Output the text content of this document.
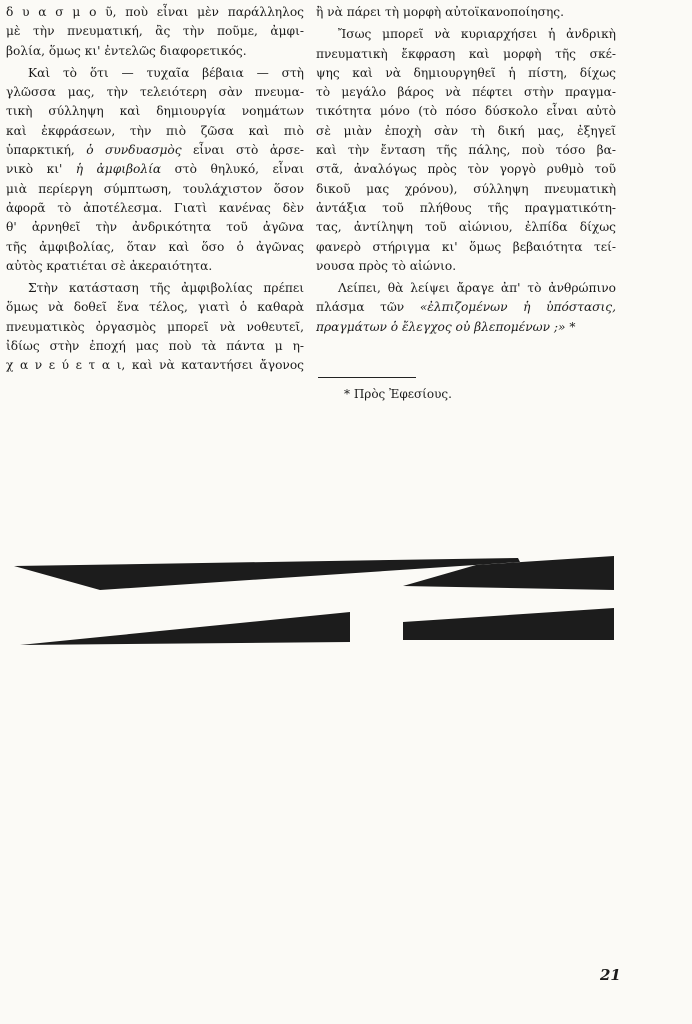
δ υ α σ μ ο ῦ, ποὺ εἶναι μὲν παράλληλος
μὲ τὴν πνευματική, ἂς τὴν ποῦμε, ἀμφι-
βολία, ὅμως κι' ἐντελῶς διαφορετικός.
Καὶ τὸ ὅτι — τυχαῖα βέβαια — στὴ
γλῶσσα μας, τὴν τελειότερη σὰν πνευμα-
τικὴ σύλληψη καὶ δημιουργία νοημάτων
καὶ ἐκφράσεων, τὴν πιὸ ζῶσα καὶ πιὸ
ὑπαρκτική, ὁ συνδυασμὸς εἶναι στὸ ἀρσε-
νικὸ κι' ἡ ἀμφιβολία στὸ θηλυκό, εἶναι
μιὰ περίεργη σύμπτωση, τουλάχιστον ὅσον
ἀφορᾶ τὸ ἀποτέλεσμα. Γιατὶ κανένας δὲν
θ' ἀρνηθεῖ τὴν ἀνδρικότητα τοῦ ἀγῶνα
τῆς ἀμφιβολίας, ὅταν καὶ ὅσο ὁ ἀγῶνας
αὐτὸς κρατιέται σὲ ἀκεραιότητα.
Στὴν κατάσταση τῆς ἀμφιβολίας πρέπει
ὅμως νὰ δοθεῖ ἕνα τέλος, γιατὶ ὁ καθαρὰ
πνευματικὸς ὀργασμὸς μπορεῖ νὰ νοθευτεῖ,
ἰδίως στὴν ἐποχή μας ποὺ τὰ πάντα μ η-
χ α ν ε ύ ε τ α ι, καὶ νὰ καταντήσει ἄγονος
ἢ νὰ πάρει τὴ μορφὴ αὐτοϊκανοποίησης.
Ἴσως μπορεῖ νὰ κυριαρχήσει ἡ ἀνδρικὴ
πνευματικὴ ἔκφραση καὶ μορφὴ τῆς σκέ-
ψης καὶ νὰ δημιουργηθεῖ ἡ πίστη, δίχως
τὸ μεγάλο βάρος νὰ πέφτει στὴν πραγμα-
τικότητα μόνο (τὸ πόσο δύσκολο εἶναι αὐτὸ
σὲ μιὰν ἐποχὴ σὰν τὴ δική μας, ἐξηγεῖ
καὶ τὴν ἔνταση τῆς πάλης, ποὺ τόσο βα-
στᾶ, ἀναλόγως πρὸς τὸν γοργὸ ρυθμὸ τοῦ
δικοῦ μας χρόνου), σύλληψη πνευματικὴ
ἀντάξια τοῦ πλήθους τῆς πραγματικότη-
τας, ἀντίληψη τοῦ αἰώνιου, ἐλπίδα δίχως
φανερὸ στήριγμα κι' ὅμως βεβαιότητα τεί-
νουσα πρὸς τὸ αἰώνιο.
Λείπει, θὰ λείψει ἄραγε ἀπ' τὸ ἀνθρώπινο
πλάσμα τῶν «ἐλπιζομένων ἡ ὑπόστασις,
πραγμάτων ὁ ἔλεγχος οὐ βλεπομένων ;» *
* Πρὸς Ἐφεσίους.
21
